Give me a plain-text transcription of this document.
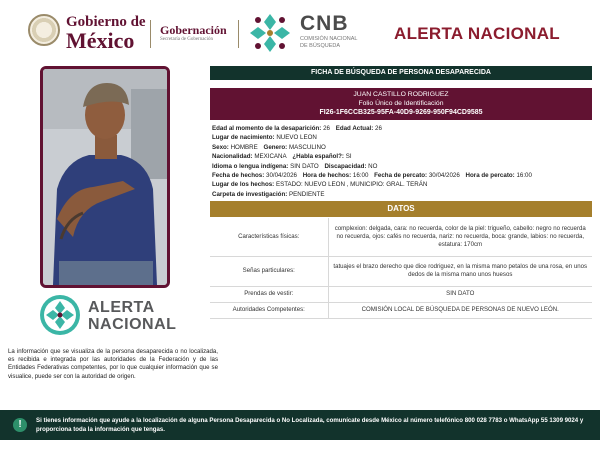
Gobierno de
México	Gobernación
Secretaría de Gobernación
CNB
COMISIÓN NACIONAL
DE BÚSQUEDA
ALERTA NACIONAL
ALERTA
NACIONAL
La información que se visualiza de la persona desaparecida o no localizada, es recibida e integrada por las autoridades de la Federación y de las Entidades Federativas competentes, por lo que cualquier información que se visualice, puede ser con la autoridad de origen.
FICHA DE BÚSQUEDA DE PERSONA DESAPARECIDA
JUAN CASTILLO RODRIGUEZ
Folio Único de Identificación
FI26-1F6CCB325-95FA-40D9-9269-950F94CD9585
Edad al momento de la desaparición: 26 Edad Actual: 26
Lugar de nacimiento: NUEVO LEON
Sexo: HOMBRE Genero: MASCULINO
Nacionalidad: MEXICANA ¿Habla español?: SI
Idioma o lengua indígena: SIN DATO Discapacidad: NO
Fecha de hechos: 30/04/2026 Hora de hechos: 16:00 Fecha de percato: 30/04/2026 Hora de percato: 16:00
Lugar de los hechos: ESTADO: NUEVO LEON , MUNICIPIO: GRAL. TERÁN
Carpeta de investigación: PENDIENTE
DATOS
Características físicas:	complexion: delgada, cara: no recuerda, color de la piel: trigueño, cabello: negro no recuerda no recuerda, ojos: cafés no recuerda, nariz: no recuerda, boca: grande, labios: no recuerda, estatura: 170cm
Señas particulares:	tatuajes el brazo derecho que dice rodriguez, en la misma mano petalos de una rosa, en unos dedos de la misma mano unos huesos
Prendas de vestir:	SIN DATO
Autoridades Competentes:	COMISIÓN LOCAL DE BÚSQUEDA DE PERSONAS DE NUEVO LEÓN.
!	Si tienes información que ayude a la localización de alguna Persona Desaparecida o No Localizada, comunícate desde México al número telefónico 800 028 7783 o WhatsApp 55 1309 9024 y proporciona toda la información que tengas.
